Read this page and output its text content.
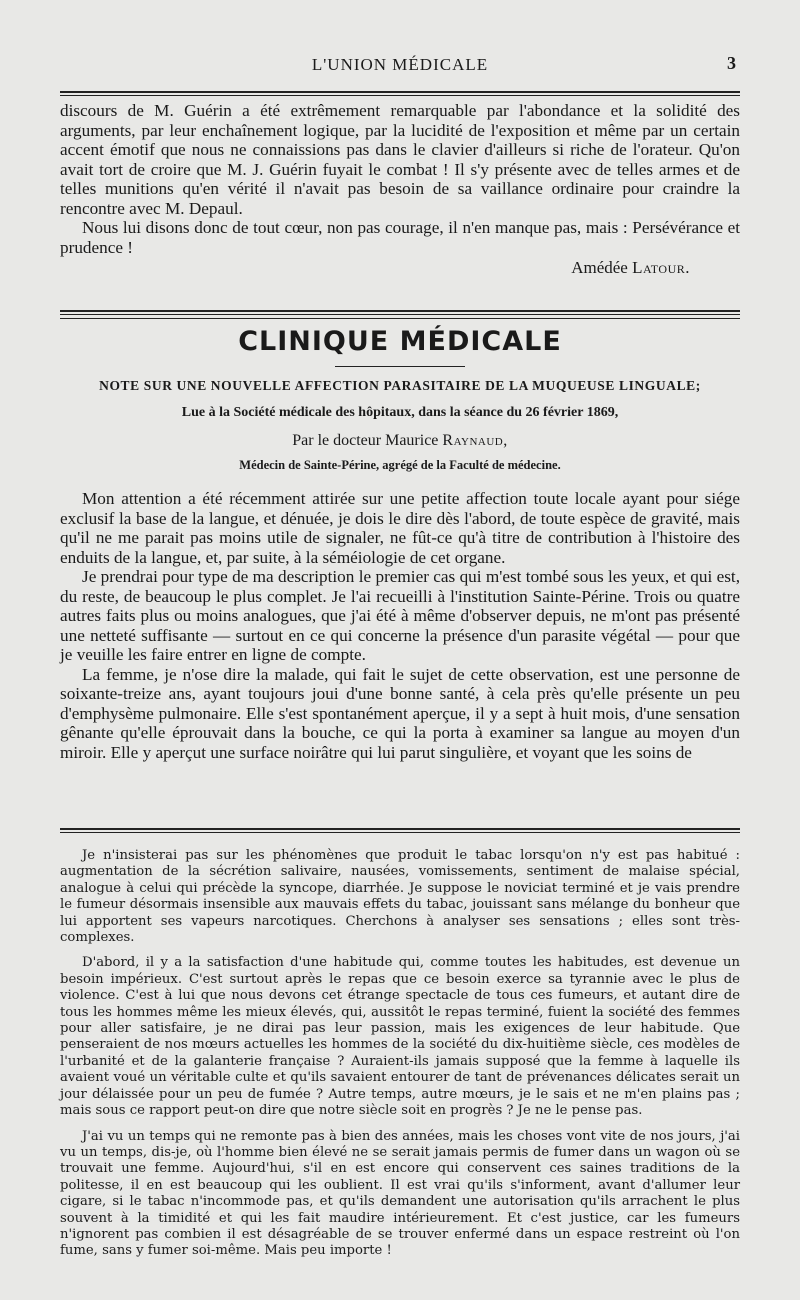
L'UNION MÉDICALE	3

discours de M. Guérin a été extrêmement remarquable par l'abondance et la solidité des arguments, par leur enchaînement logique, par la lucidité de l'exposition et même par un certain accent émotif que nous ne connaissions pas dans le clavier d'ailleurs si riche de l'orateur. Qu'on avait tort de croire que M. J. Guérin fuyait le combat ! Il s'y présente avec de telles armes et de telles munitions qu'en vérité il n'avait pas besoin de sa vaillance ordinaire pour craindre la rencontre avec M. Depaul.

Nous lui disons donc de tout cœur, non pas courage, il n'en manque pas, mais : Persévérance et prudence !

Amédée Latour.
CLINIQUE MÉDICALE
NOTE SUR UNE NOUVELLE AFFECTION PARASITAIRE DE LA MUQUEUSE LINGUALE;
Lue à la Société médicale des hôpitaux, dans la séance du 26 février 1869,
Par le docteur Maurice Raynaud,
Médecin de Sainte-Périne, agrégé de la Faculté de médecine.

Mon attention a été récemment attirée sur une petite affection toute locale ayant pour siége exclusif la base de la langue, et dénuée, je dois le dire dès l'abord, de toute espèce de gravité, mais qu'il ne me parait pas moins utile de signaler, ne fût-ce qu'à titre de contribution à l'histoire des enduits de la langue, et, par suite, à la séméiologie de cet organe.

Je prendrai pour type de ma description le premier cas qui m'est tombé sous les yeux, et qui est, du reste, de beaucoup le plus complet. Je l'ai recueilli à l'institution Sainte-Périne. Trois ou quatre autres faits plus ou moins analogues, que j'ai été à même d'observer depuis, ne m'ont pas présenté une netteté suffisante — surtout en ce qui concerne la présence d'un parasite végétal — pour que je veuille les faire entrer en ligne de compte.

La femme, je n'ose dire la malade, qui fait le sujet de cette observation, est une personne de soixante-treize ans, ayant toujours joui d'une bonne santé, à cela près qu'elle présente un peu d'emphysème pulmonaire. Elle s'est spontanément aperçue, il y a sept à huit mois, d'une sensation gênante qu'elle éprouvait dans la bouche, ce qui la porta à examiner sa langue au moyen d'un miroir. Elle y aperçut une surface noirâtre qui lui parut singulière, et voyant que les soins de

Je n'insisterai pas sur les phénomènes que produit le tabac lorsqu'on n'y est pas habitué : augmentation de la sécrétion salivaire, nausées, vomissements, sentiment de malaise spécial, analogue à celui qui précède la syncope, diarrhée. Je suppose le noviciat terminé et je vais prendre le fumeur désormais insensible aux mauvais effets du tabac, jouissant sans mélange du bonheur que lui apportent ses vapeurs narcotiques. Cherchons à analyser ses sensations ; elles sont très-complexes.

D'abord, il y a la satisfaction d'une habitude qui, comme toutes les habitudes, est devenue un besoin impérieux. C'est surtout après le repas que ce besoin exerce sa tyrannie avec le plus de violence. C'est à lui que nous devons cet étrange spectacle de tous ces fumeurs, et autant dire de tous les hommes même les mieux élevés, qui, aussitôt le repas terminé, fuient la société des femmes pour aller satisfaire, je ne dirai pas leur passion, mais les exigences de leur habitude. Que penseraient de nos mœurs actuelles les hommes de la société du dix-huitième siècle, ces modèles de l'urbanité et de la galanterie française ? Auraient-ils jamais supposé que la femme à laquelle ils avaient voué un véritable culte et qu'ils savaient entourer de tant de prévenances délicates serait un jour délaissée pour un peu de fumée ? Autre temps, autre mœurs, je le sais et ne m'en plains pas ; mais sous ce rapport peut-on dire que notre siècle soit en progrès ? Je ne le pense pas.

J'ai vu un temps qui ne remonte pas à bien des années, mais les choses vont vite de nos jours, j'ai vu un temps, dis-je, où l'homme bien élevé ne se serait jamais permis de fumer dans un wagon où se trouvait une femme. Aujourd'hui, s'il en est encore qui conservent ces saines traditions de la politesse, il en est beaucoup qui les oublient. Il est vrai qu'ils s'informent, avant d'allumer leur cigare, si le tabac n'incommode pas, et qu'ils demandent une autorisation qu'ils arrachent le plus souvent à la timidité et qui les fait maudire intérieurement. Et c'est justice, car les fumeurs n'ignorent pas combien il est désagréable de se trouver enfermé dans un espace restreint où l'on fume, sans y fumer soi-même. Mais peu importe !
